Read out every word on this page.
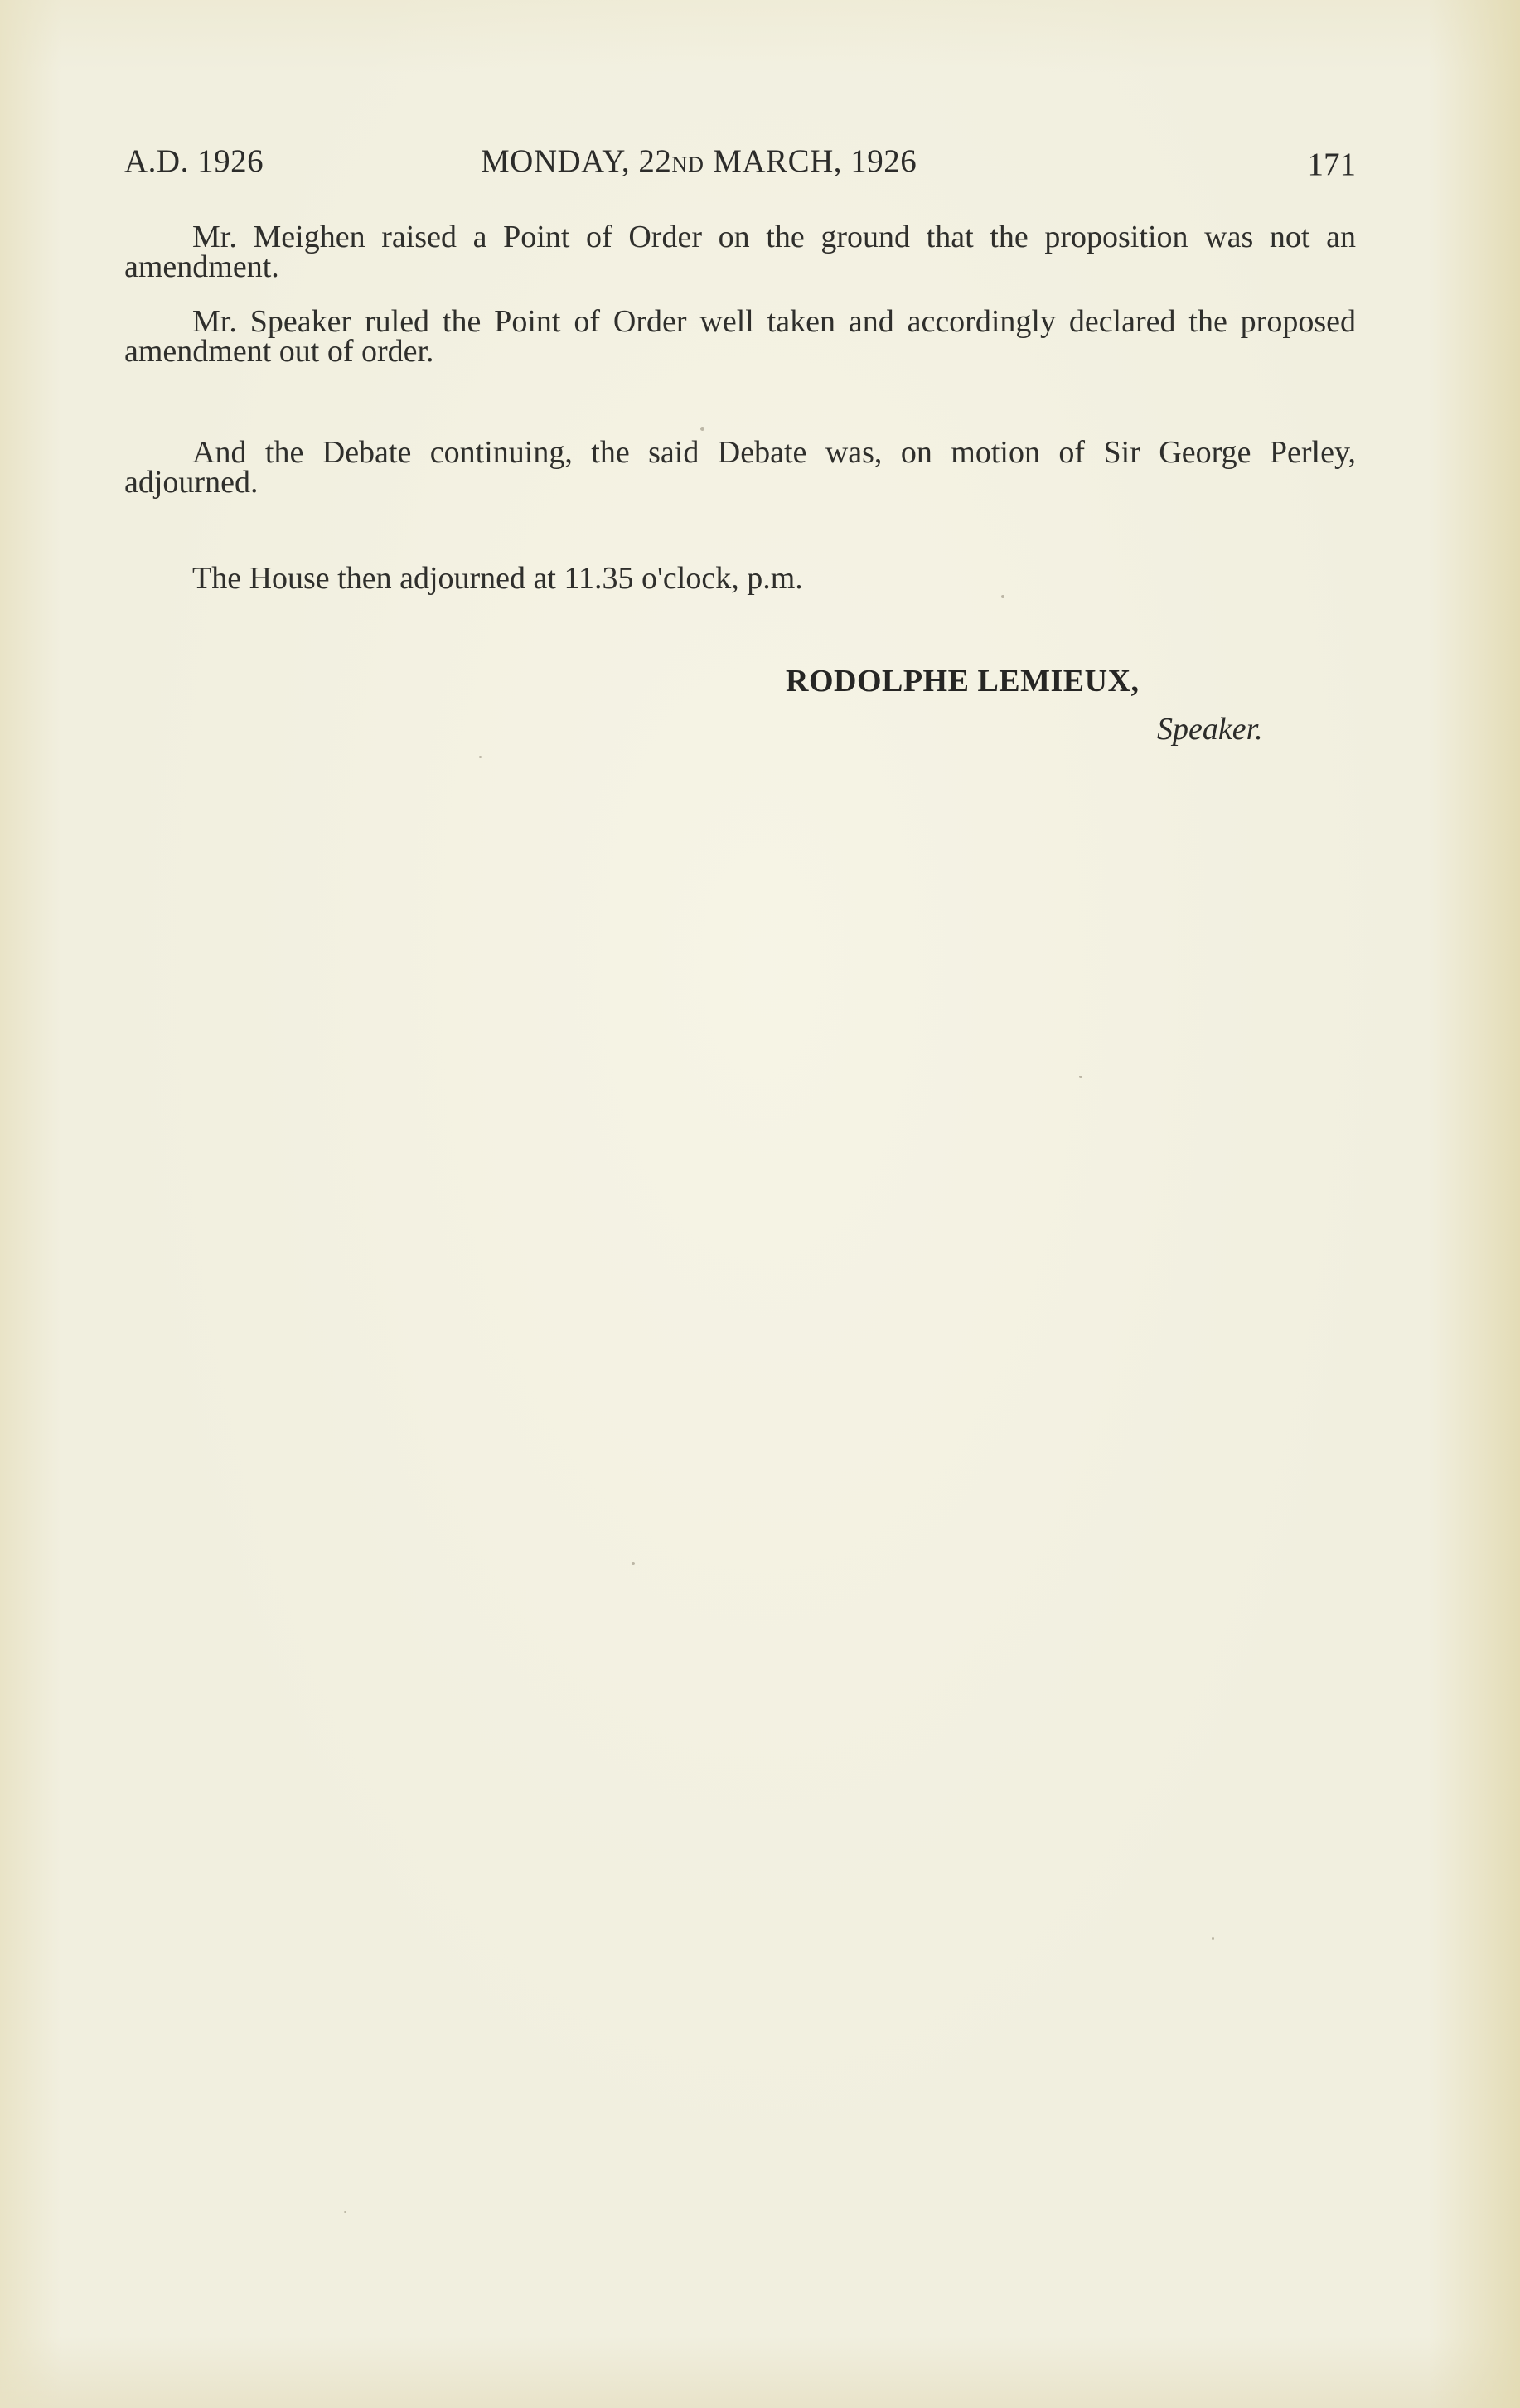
A.D. 1926	MONDAY, 22ND MARCH, 1926	171

Mr. Meighen raised a Point of Order on the ground that the proposition was not an amendment.

Mr. Speaker ruled the Point of Order well taken and accordingly declared the proposed amendment out of order.

And the Debate continuing, the said Debate was, on motion of Sir George Perley, adjourned.

The House then adjourned at 11.35 o'clock, p.m.

RODOLPHE LEMIEUX,
Speaker.
